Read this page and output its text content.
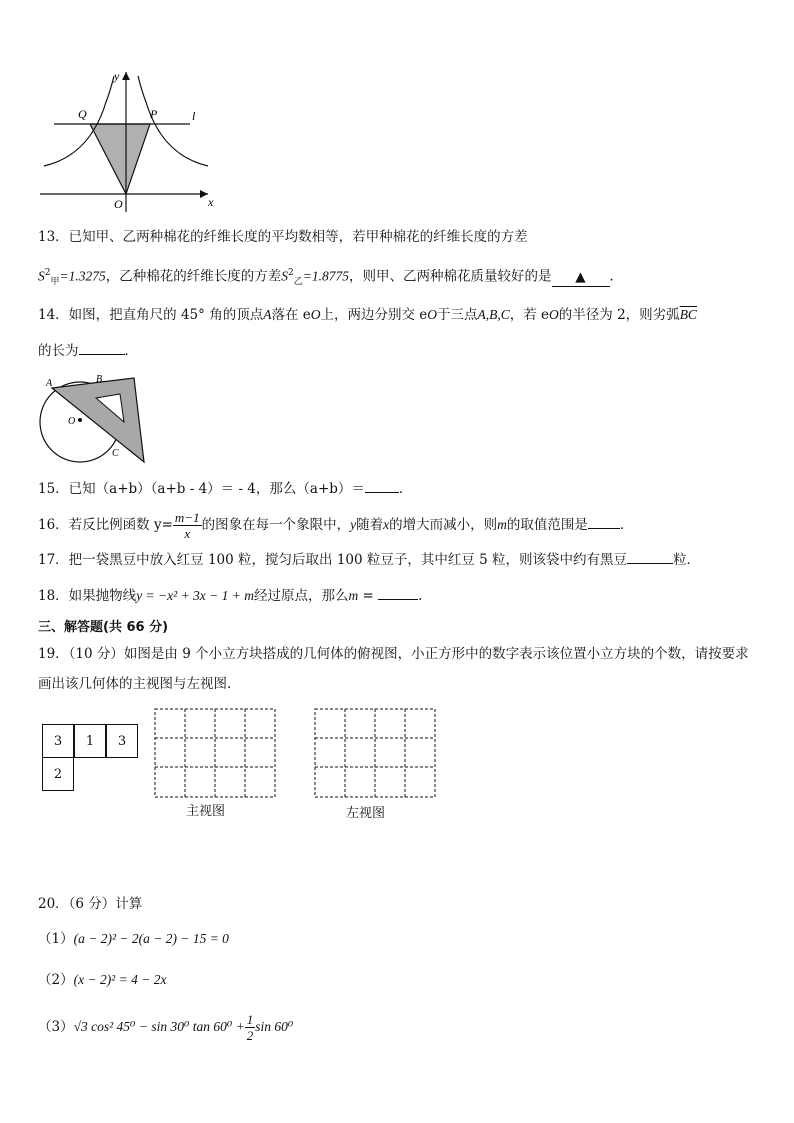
y
x
O
Q	P	l
13．已知甲、乙两种棉花的纤维长度的平均数相等，若甲种棉花的纤维长度的方差
$S^2_甲=1.3275$，乙种棉花的纤维长度的方差$S^2_乙=1.8775$，则甲、乙两种棉花质量较好的是 ▲ ．
14．如图，把直角尺的 45° 角的顶点A落在 eO上，两边分别交 eO于三点A,B,C，若 eO的半径为 2，则劣弧$\overline{BC}$
的长为	．
A	B
O
C
15．已知（a+b）（a+b - 4）＝ - 4，那么（a+b）＝	．
16．若反比例函数 $y= \frac{m-1}{x}$ 的图象在每一个象限中，y随着x的增大而减小，则m的取值范围是 ．
17．把一袋黑豆中放入红豆 100 粒，搅匀后取出 100 粒豆子，其中红豆 5 粒，则该袋中约有黑豆	粒．
18．如果抛物线y = −x² + 3x − 1 + m经过原点，那么m =	.
三、解答题(共 66 分)
19．（10 分）如图是由 9 个小立方块搭成的几何体的俯视图，小正方形中的数字表示该位置小立方块的个数，请按要求
画出该几何体的主视图与左视图．
3	1	3
2
主视图	左视图
20．（6 分）计算
（1）(a − 2)² − 2(a − 2) − 15 = 0
（2）(x − 2)² = 4 − 2x
（3）√3 cos² 45⁰ − sin 30⁰ $\tan 60^0 + \frac{1}{2}$ sin 60⁰
